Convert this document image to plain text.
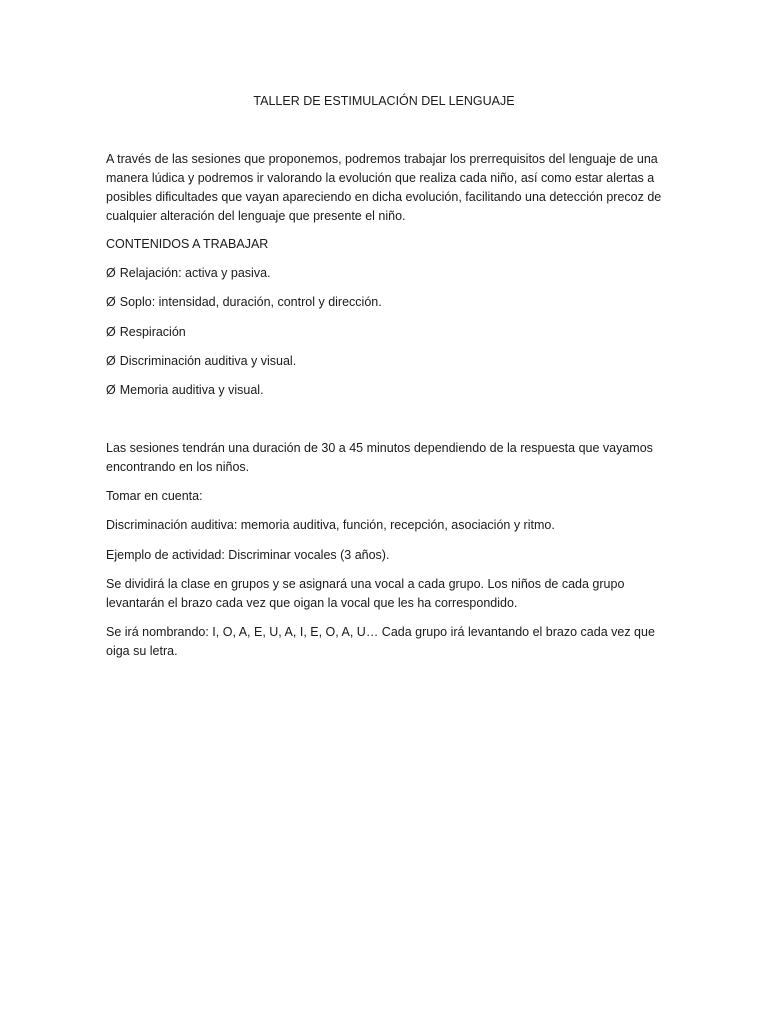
TALLER DE ESTIMULACIÓN DEL LENGUAJE
A través de las sesiones que proponemos, podremos trabajar los prerrequisitos del lenguaje de una manera lúdica y podremos ir valorando la evolución que realiza cada niño, así como estar alertas a posibles dificultades que vayan apareciendo en dicha evolución, facilitando una detección precoz de cualquier alteración del lenguaje que presente el niño.
CONTENIDOS A TRABAJAR
Ø Relajación: activa y pasiva.
Ø Soplo: intensidad, duración, control y dirección.
Ø Respiración
Ø Discriminación auditiva y visual.
Ø Memoria auditiva y visual.
Las sesiones tendrán una duración de 30 a 45 minutos dependiendo de la respuesta que vayamos encontrando en los niños.
Tomar en cuenta:
Discriminación auditiva: memoria auditiva, función, recepción, asociación y ritmo.
Ejemplo de actividad: Discriminar vocales (3 años).
Se dividirá la clase en grupos y se asignará una vocal a cada grupo. Los niños de cada grupo levantarán el brazo cada vez que oigan la vocal que les ha correspondido.
Se irá nombrando: I, O, A, E, U, A, I, E, O, A, U… Cada grupo irá levantando el brazo cada vez que oiga su letra.
